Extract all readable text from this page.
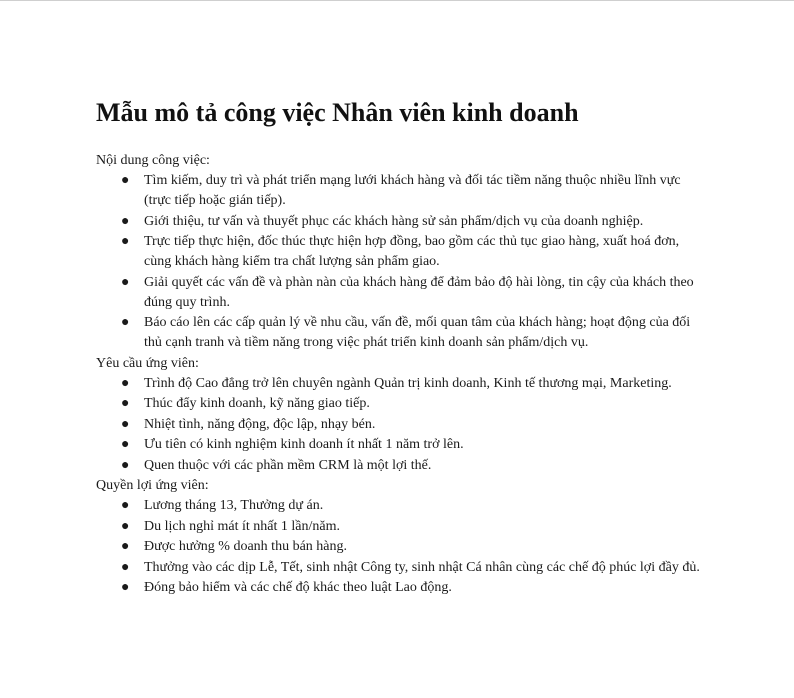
Mẫu mô tả công việc Nhân viên kinh doanh

Nội dung công việc:

● Tìm kiếm, duy trì và phát triển mạng lưới khách hàng và đối tác tiềm năng thuộc nhiều lĩnh vực (trực tiếp hoặc gián tiếp).
● Giới thiệu, tư vấn và thuyết phục các khách hàng sử sản phẩm/dịch vụ của doanh nghiệp.
● Trực tiếp thực hiện, đốc thúc thực hiện hợp đồng, bao gồm các thủ tục giao hàng, xuất hoá đơn, cùng khách hàng kiểm tra chất lượng sản phẩm giao.
● Giải quyết các vấn đề và phàn nàn của khách hàng để đảm bảo độ hài lòng, tin cậy của khách theo đúng quy trình.
● Báo cáo lên các cấp quản lý về nhu cầu, vấn đề, mối quan tâm của khách hàng; hoạt động của đối thủ cạnh tranh và tiềm năng trong việc phát triển kinh doanh sản phẩm/dịch vụ.

Yêu cầu ứng viên:

● Trình độ Cao đẳng trở lên chuyên ngành Quản trị kinh doanh, Kinh tế thương mại, Marketing.
● Thúc đẩy kinh doanh, kỹ năng giao tiếp.
● Nhiệt tình, năng động, độc lập, nhạy bén.
● Ưu tiên có kinh nghiệm kinh doanh ít nhất 1 năm trở lên.
● Quen thuộc với các phần mềm CRM là một lợi thế.

Quyền lợi ứng viên:

● Lương tháng 13, Thưởng dự án.
● Du lịch nghỉ mát ít nhất 1 lần/năm.
● Được hưởng % doanh thu bán hàng.
● Thưởng vào các dịp Lễ, Tết, sinh nhật Công ty, sinh nhật Cá nhân cùng các chế độ phúc lợi đầy đủ.
● Đóng bảo hiểm và các chế độ khác theo luật Lao động.
